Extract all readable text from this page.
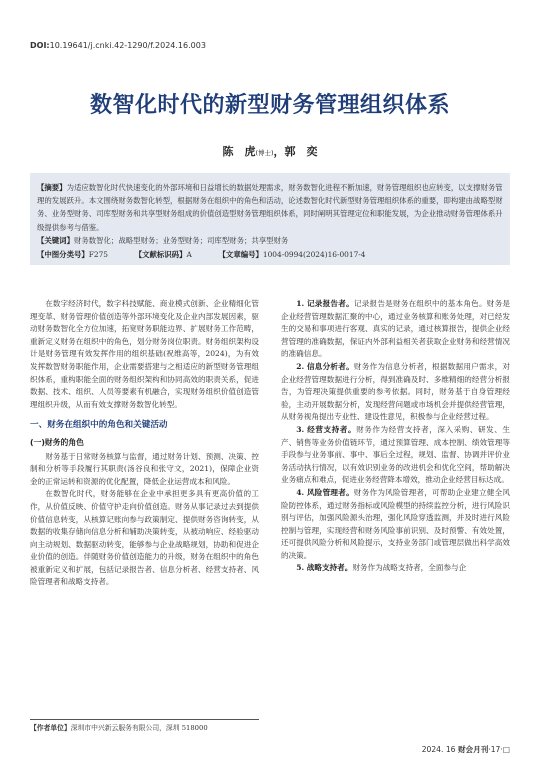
DOI:10.19641/j.cnki.42-1290/f.2024.16.003
数智化时代的新型财务管理组织体系
陈　虎(博士)，郭　奕
【摘要】为适应数智化时代快速变化的外部环境和日益增长的数据处理需求，财务数智化进程不断加速，财务管理组织也应转变，以支撑财务管理的发展跃升。本文围绕财务数智化转型，根据财务在组织中的角色和活动，论述数智化时代新型财务管理组织体系的重要，即构建由战略型财务、业务型财务、司库型财务和共享型财务组成的价值创造型财务管理组织体系，同时阐明其管理定位和职能发展，为企业推动财务管理体系升级提供参考与借鉴。
【关键词】财务数智化；战略型财务；业务型财务；司库型财务；共享型财务
【中图分类号】F275	【文献标识码】A	【文章编号】1004-0994(2024)16-0017-4

在数字经济时代，数字科技赋能、商业模式创新、企业精细化管理变革、财务管理价值创造等外部环境变化及企业内部发展因素，驱动财务数智化全方位加速，拓宽财务职能边界、扩展财务工作范畴，重新定义财务在组织中的角色，划分财务岗位职责。财务组织架构设计是财务管理有效发挥作用的组织基础(祝维高等，2024)，为有效发挥数智财务职能作用，企业需要搭建与之相适应的新型财务管理组织体系，重构职能全面的财务组织架构和协同高效的职责关系，促进数据、技术、组织、人员等要素有机融合，实现财务组织价值创造管理组织升级，从而有效支撑财务数智化转型。

一、财务在组织中的角色和关键活动
(一)财务的角色

财务基于日常财务核算与监督，通过财务计划、预测、决策、控制和分析等手段履行其职责(汤谷良和张守文，2021)，保障企业资金的正常运转和资源的优化配置，降低企业运营成本和风险。

在数智化时代，财务能够在企业中承担更多具有更高价值的工作，从价值反映、价值守护走向价值创造。财务从事记录过去到提供价值信息转变，从核算记账向参与政策制定、提供财务咨询转变，从数据的收集存储向信息分析和辅助决策转变，从被动响应、经验驱动向主动规划、数据驱动转变，能够参与企业战略规划，协助和促进企业价值的创造。伴随财务价值创造能力的升级，财务在组织中的角色被重新定义和扩展，包括记录报告者、信息分析者、经营支持者、风险管理者和战略支持者。

1. 记录报告者。记录报告是财务在组织中的基本角色。财务是企业经营管理数据汇聚的中心，通过业务核算和账务处理，对已经发生的交易和事项进行客观、真实的记录，通过核算报告，提供企业经营管理的准确数据，保证内外部利益相关者获取企业财务和经营情况的准确信息。

2. 信息分析者。财务作为信息分析者，根据数据用户需求，对企业经营管理数据进行分析，得到准确及时、多维精细的经营分析报告，为管理决策提供重要的参考依据。同时，财务基于自身管理经验，主动开展数据分析，发现经营问题或市场机会并提供经营管理，从财务视角提出专业性、建设性意见，积极参与企业经营过程。

3. 经营支持者。财务作为经营支持者，深入采购、研发、生产、销售等业务价值链环节，通过预算管理、成本控制、绩效管理等手段参与业务事前、事中、事后全过程，规划、监督、协调并评价业务活动执行情况，以有效识别业务的改进机会和优化空间，帮助解决业务痛点和难点，促进业务经营降本增效，推动企业经营目标达成。

4. 风险管理者。财务作为风险管理者，可帮助企业建立健全风险防控体系，通过财务指标或风险模型的持续监控分析，进行风险识别与评估，加强风险源头治理，强化风险穿透监测，并及时进行风险控制与管理，实现经营和财务风险事前识别、及时预警、有效处置，还可提供风险分析和风险提示，支持业务部门或管理层做出科学高效的决策。

5. 战略支持者。财务作为战略支持者，全面参与企

【作者单位】深圳市中兴新云服务有限公司，深圳 518000
2024. 16 财会月刊·17·□
